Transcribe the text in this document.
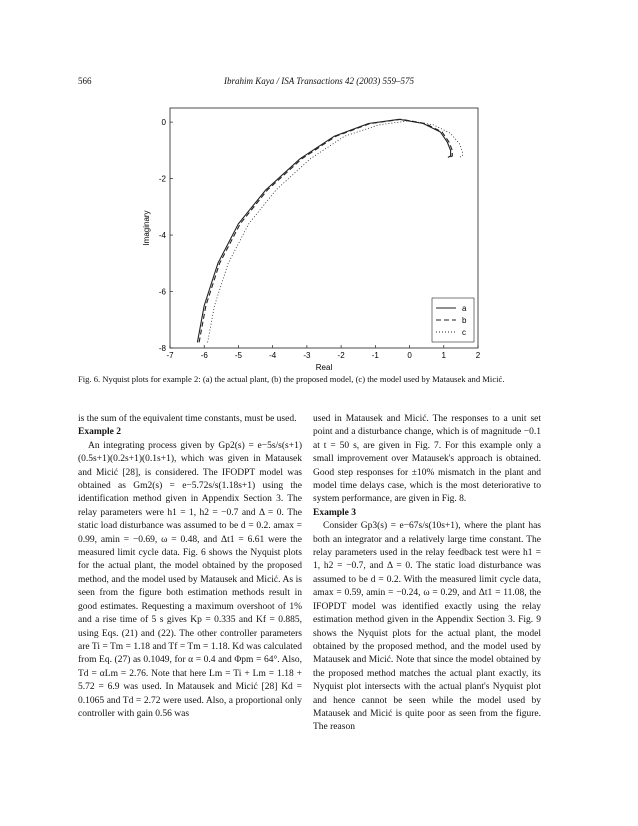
566	Ibrahim Kaya / ISA Transactions 42 (2003) 559–575
-7	-6	-5	-4	-3	-2	-1	0	1	2
-8
-6
-4
-2
0
a
b
c
Real
Imaginary
Fig. 6. Nyquist plots for example 2: (a) the actual plant, (b) the proposed model, (c) the model used by Matausek and Micić.

is the sum of the equivalent time constants, must be used.

Example 2

An integrating process given by Gp2(s) = e−5s/s(s+1)(0.5s+1)(0.2s+1)(0.1s+1), which was given in Matausek and Micić [28], is considered. The IFODPT model was obtained as Gm2(s) = e−5.72s/s(1.18s+1) using the identification method given in Appendix Section 3. The relay parameters were h1 = 1, h2 = −0.7 and Δ = 0. The static load disturbance was assumed to be d = 0.2. amax = 0.99, amin = −0.69, ω = 0.48, and Δt1 = 6.61 were the measured limit cycle data. Fig. 6 shows the Nyquist plots for the actual plant, the model obtained by the proposed method, and the model used by Matausek and Micić. As is seen from the figure both estimation methods result in good estimates. Requesting a maximum overshoot of 1% and a rise time of 5 s gives Kp = 0.335 and Kf = 0.885, using Eqs. (21) and (22). The other controller parameters are Ti = Tm = 1.18 and Tf = Tm = 1.18. Kd was calculated from Eq. (27) as 0.1049, for α = 0.4 and Φpm = 64°. Also, Td = αLm = 2.76. Note that here Lm = Ti + Lm = 1.18 + 5.72 = 6.9 was used. In Matausek and Micić [28] Kd = 0.1065 and Td = 2.72 were used. Also, a proportional only controller with gain 0.56 was

used in Matausek and Micić. The responses to a unit set point and a disturbance change, which is of magnitude −0.1 at t = 50 s, are given in Fig. 7. For this example only a small improvement over Matausek's approach is obtained. Good step responses for ±10% mismatch in the plant and model time delays case, which is the most deteriorative to system performance, are given in Fig. 8.

Example 3

Consider Gp3(s) = e−67s/s(10s+1), where the plant has both an integrator and a relatively large time constant. The relay parameters used in the relay feedback test were h1 = 1, h2 = −0.7, and Δ = 0. The static load disturbance was assumed to be d = 0.2. With the measured limit cycle data, amax = 0.59, amin = −0.24, ω = 0.29, and Δt1 = 11.08, the IFOPDT model was identified exactly using the relay estimation method given in the Appendix Section 3. Fig. 9 shows the Nyquist plots for the actual plant, the model obtained by the proposed method, and the model used by Matausek and Micić. Note that since the model obtained by the proposed method matches the actual plant exactly, its Nyquist plot intersects with the actual plant's Nyquist plot and hence cannot be seen while the model used by Matausek and Micić is quite poor as seen from the figure. The reason
